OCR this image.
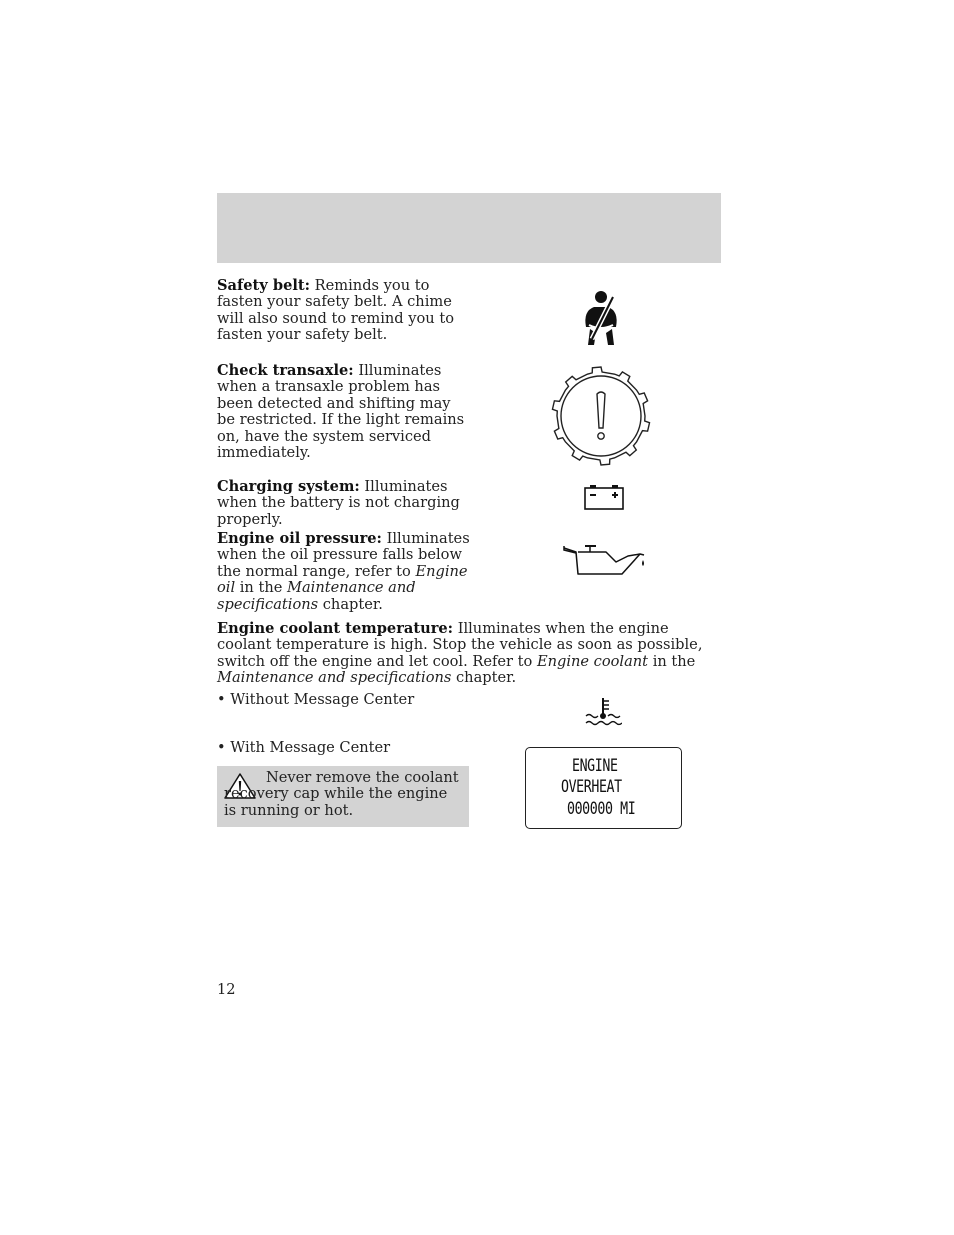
Safety belt: Reminds you to fasten your safety belt. A chime will also sound to remind you to fasten your safety belt.
Check transaxle: Illuminates when a transaxle problem has been detected and shifting may be restricted. If the light remains on, have the system serviced immediately.
Charging system: Illuminates when the battery is not charging properly.
Engine oil pressure: Illuminates when the oil pressure falls below the normal range, refer to Engine oil in the Maintenance and specifications chapter.
Engine coolant temperature: Illuminates when the engine coolant temperature is high. Stop the vehicle as soon as possible, switch off the engine and let cool. Refer to Engine coolant in the Maintenance and specifications chapter.
• Without Message Center
• With Message Center
Never remove the coolant recovery cap while the engine is running or hot.
ENGINE
OVERHEAT
000000 MI
12
